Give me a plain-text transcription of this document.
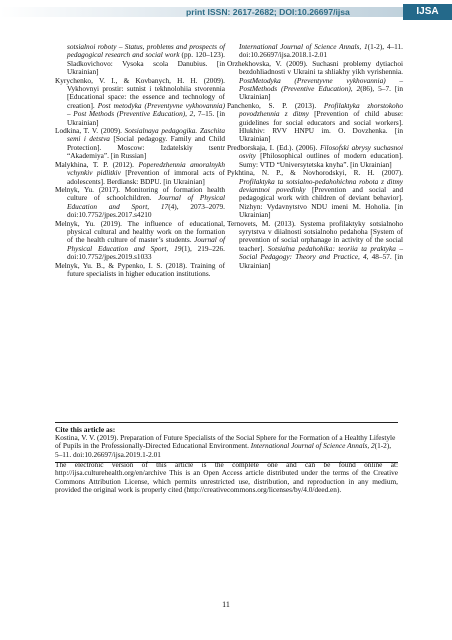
print ISSN: 2617-2682; DOI:10.26697/ijsa	IJSA

sotsialnoi roboty – Status, problems and prospects of pedagogical research and social work (pp. 120–123). Sladkovichovo: Vysoka scola Danubius. [in Ukrainian]

Kyrychenko, V. I., & Kovbanych, H. H. (2009). Vykhovnyi prostir: sutnist i tekhnolohiia stvorennia [Educational space: the essence and technology of creation]. Post metodyka (Preventyvne vykhovannia) – Post Methods (Preventive Education), 2, 7–15. [in Ukrainian]

Lodkina, T. V. (2009). Sotsialnaya pedagogika. Zaschita semi i detstva [Social pedagogy. Family and Child Protection]. Moscow: Izdatelskiy tsentr “Akademiya”. [in Russian]

Malykhina, T. P. (2012). Poperedzhennia amoralnykh vchynkiv pidlitkiv [Prevention of immoral acts of adolescents]. Berdiansk: BDPU. [in Ukrainian]

Melnyk, Yu. (2017). Monitoring of formation health culture of schoolchildren. Journal of Physical Education and Sport, 17(4), 2073–2079. doi:10.7752/jpes.2017.s4210

Melnyk, Yu. (2019). The influence of educational, physical cultural and healthy work on the formation of the health culture of master’s students. Journal of Physical Education and Sport, 19(1), 219–226. doi:10.7752/jpes.2019.s1033

Melnyk, Yu. B., & Pypenko, I. S. (2018). Training of future specialists in higher education institutions.

International Journal of Science Annals, 1(1-2), 4–11. doi:10.26697/ijsa.2018.1-2.01

Orzhekhovska, V. (2009). Suchasni problemy dytiachoi bezdohliadnosti v Ukraini ta shliakhy yikh vyrishennia. PostMetodyka (Preventyvne vykhovannia) – PostMethods (Preventive Education), 2(86), 5–7. [in Ukrainian]

Panchenko, S. P. (2013). Profilaktyka zhorstokoho povodzhennia z ditmy [Prevention of child abuse: guidelines for social educators and social workers]. Hlukhiv: RVV HNPU im. O. Dovzhenka. [in Ukrainian]

Predborskaja, I. (Ed.). (2006). Filosofski abrysy suchasnoi osvity [Philosophical outlines of modern education]. Sumy: VTD “Universytetska knyha”. [in Ukrainian]

Pykhtina, N. P., & Novhorodskyi, R. H. (2007). Profilaktyka ta sotsialno-pedahohichna robota z ditmy deviantnoi povedinky [Prevention and social and pedagogical work with children of deviant behavior]. Nizhyn: Vydavnytstvo NDU imeni M. Hoholia. [in Ukrainian]

Ternovets, M. (2013). Systema profilaktyky sotsialnoho syrytstva v diialnosti sotsialnoho pedahoha [System of prevention of social orphanage in activity of the social teacher]. Sotsialna pedahohika: teoriia ta praktyka – Social Pedagogy: Theory and Practice, 4, 48–57. [in Ukrainian]

Cite this article as:
Kostina, V. V. (2019). Preparation of Future Specialists of the Social Sphere for the Formation of a Healthy Lifestyle of Pupils in the Professionally-Directed Educational Environment. International Journal of Science Annals, 2(1-2), 5–11. doi:10.26697/ijsa.2019.1-2.01
The electronic version of this article is the complete one and can be found online at: http://ijsa.culturehealth.org/en/archive This is an Open Access article distributed under the terms of the Creative Commons Attribution License, which permits unrestricted use, distribution, and reproduction in any medium, provided the original work is properly cited (http://creativecommons.org/licenses/by/4.0/deed.en).
11
